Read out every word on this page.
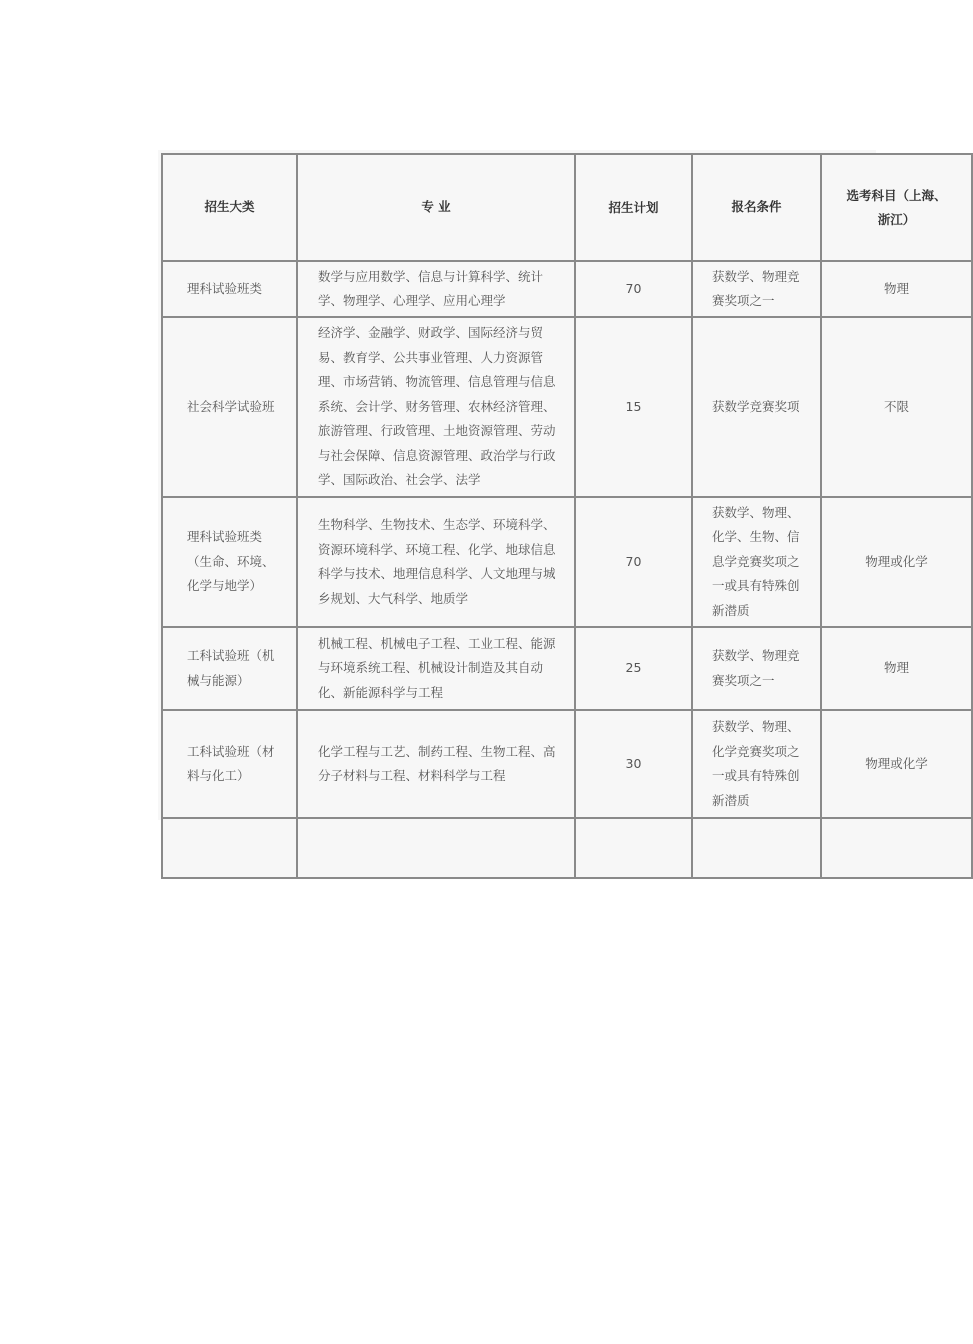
招生大类	专 业	招生计划	报名条件	选考科目（上海、浙江）
理科试验班类	数学与应用数学、信息与计算科学、统计学、物理学、心理学、应用心理学	70	获数学、物理竞赛奖项之一	物理
社会科学试验班	经济学、金融学、财政学、国际经济与贸易、教育学、公共事业管理、人力资源管理、市场营销、物流管理、信息管理与信息系统、会计学、财务管理、农林经济管理、旅游管理、行政管理、土地资源管理、劳动与社会保障、信息资源管理、政治学与行政学、国际政治、社会学、法学	15	获数学竞赛奖项	不限
理科试验班类（生命、环境、化学与地学）	生物科学、生物技术、生态学、环境科学、资源环境科学、环境工程、化学、地球信息科学与技术、地理信息科学、人文地理与城乡规划、大气科学、地质学	70	获数学、物理、化学、生物、信息学竞赛奖项之一或具有特殊创新潜质	物理或化学
工科试验班（机械与能源）	机械工程、机械电子工程、工业工程、能源与环境系统工程、机械设计制造及其自动化、新能源科学与工程	25	获数学、物理竞赛奖项之一	物理
工科试验班（材料与化工）	化学工程与工艺、制药工程、生物工程、高分子材料与工程、材料科学与工程	30	获数学、物理、化学竞赛奖项之一或具有特殊创新潜质	物理或化学
